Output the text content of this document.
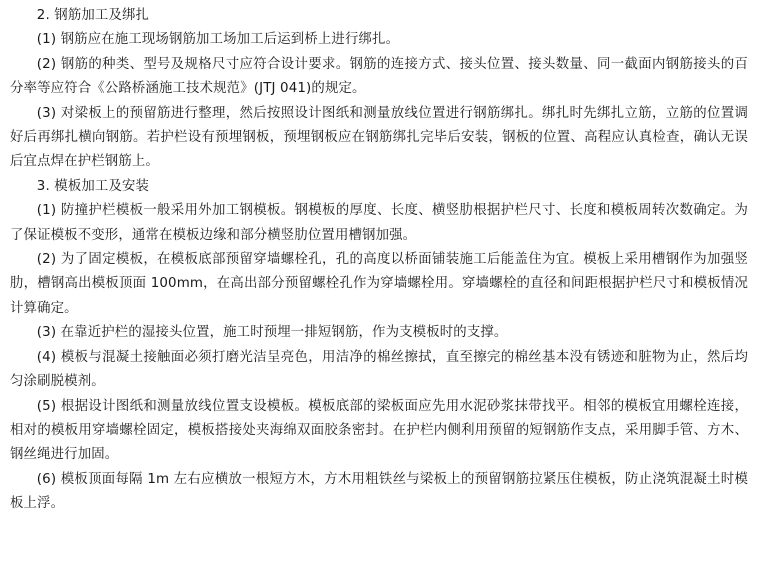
2. 钢筋加工及绑扎

(1) 钢筋应在施工现场钢筋加工场加工后运到桥上进行绑扎。

(2) 钢筋的种类、型号及规格尺寸应符合设计要求。钢筋的连接方式、接头位置、接头数量、同一截面内钢筋接头的百分率等应符合《公路桥涵施工技术规范》(JTJ 041)的规定。

(3) 对梁板上的预留筋进行整理，然后按照设计图纸和测量放线位置进行钢筋绑扎。绑扎时先绑扎立筋，立筋的位置调好后再绑扎横向钢筋。若护栏设有预埋钢板，预埋钢板应在钢筋绑扎完毕后安装，钢板的位置、高程应认真检查，确认无误后宜点焊在护栏钢筋上。

3. 模板加工及安装

(1) 防撞护栏模板一般采用外加工钢模板。钢模板的厚度、长度、横竖肋根据护栏尺寸、长度和模板周转次数确定。为了保证模板不变形，通常在模板边缘和部分横竖肋位置用槽钢加强。

(2) 为了固定模板，在模板底部预留穿墙螺栓孔，孔的高度以桥面铺装施工后能盖住为宜。模板上采用槽钢作为加强竖肋，槽钢高出模板顶面 100mm，在高出部分预留螺栓孔作为穿墙螺栓用。穿墙螺栓的直径和间距根据护栏尺寸和模板情况计算确定。

(3) 在靠近护栏的湿接头位置，施工时预埋一排短钢筋，作为支模板时的支撑。

(4) 模板与混凝土接触面必须打磨光洁呈亮色，用洁净的棉丝擦拭，直至擦完的棉丝基本没有锈迹和脏物为止，然后均匀涂刷脱模剂。

(5) 根据设计图纸和测量放线位置支设模板。模板底部的梁板面应先用水泥砂浆抹带找平。相邻的模板宜用螺栓连接，相对的模板用穿墙螺栓固定，模板搭接处夹海绵双面胶条密封。在护栏内侧利用预留的短钢筋作支点，采用脚手管、方木、钢丝绳进行加固。

(6) 模板顶面每隔 1m 左右应横放一根短方木，方木用粗铁丝与梁板上的预留钢筋拉紧压住模板，防止浇筑混凝土时模板上浮。
